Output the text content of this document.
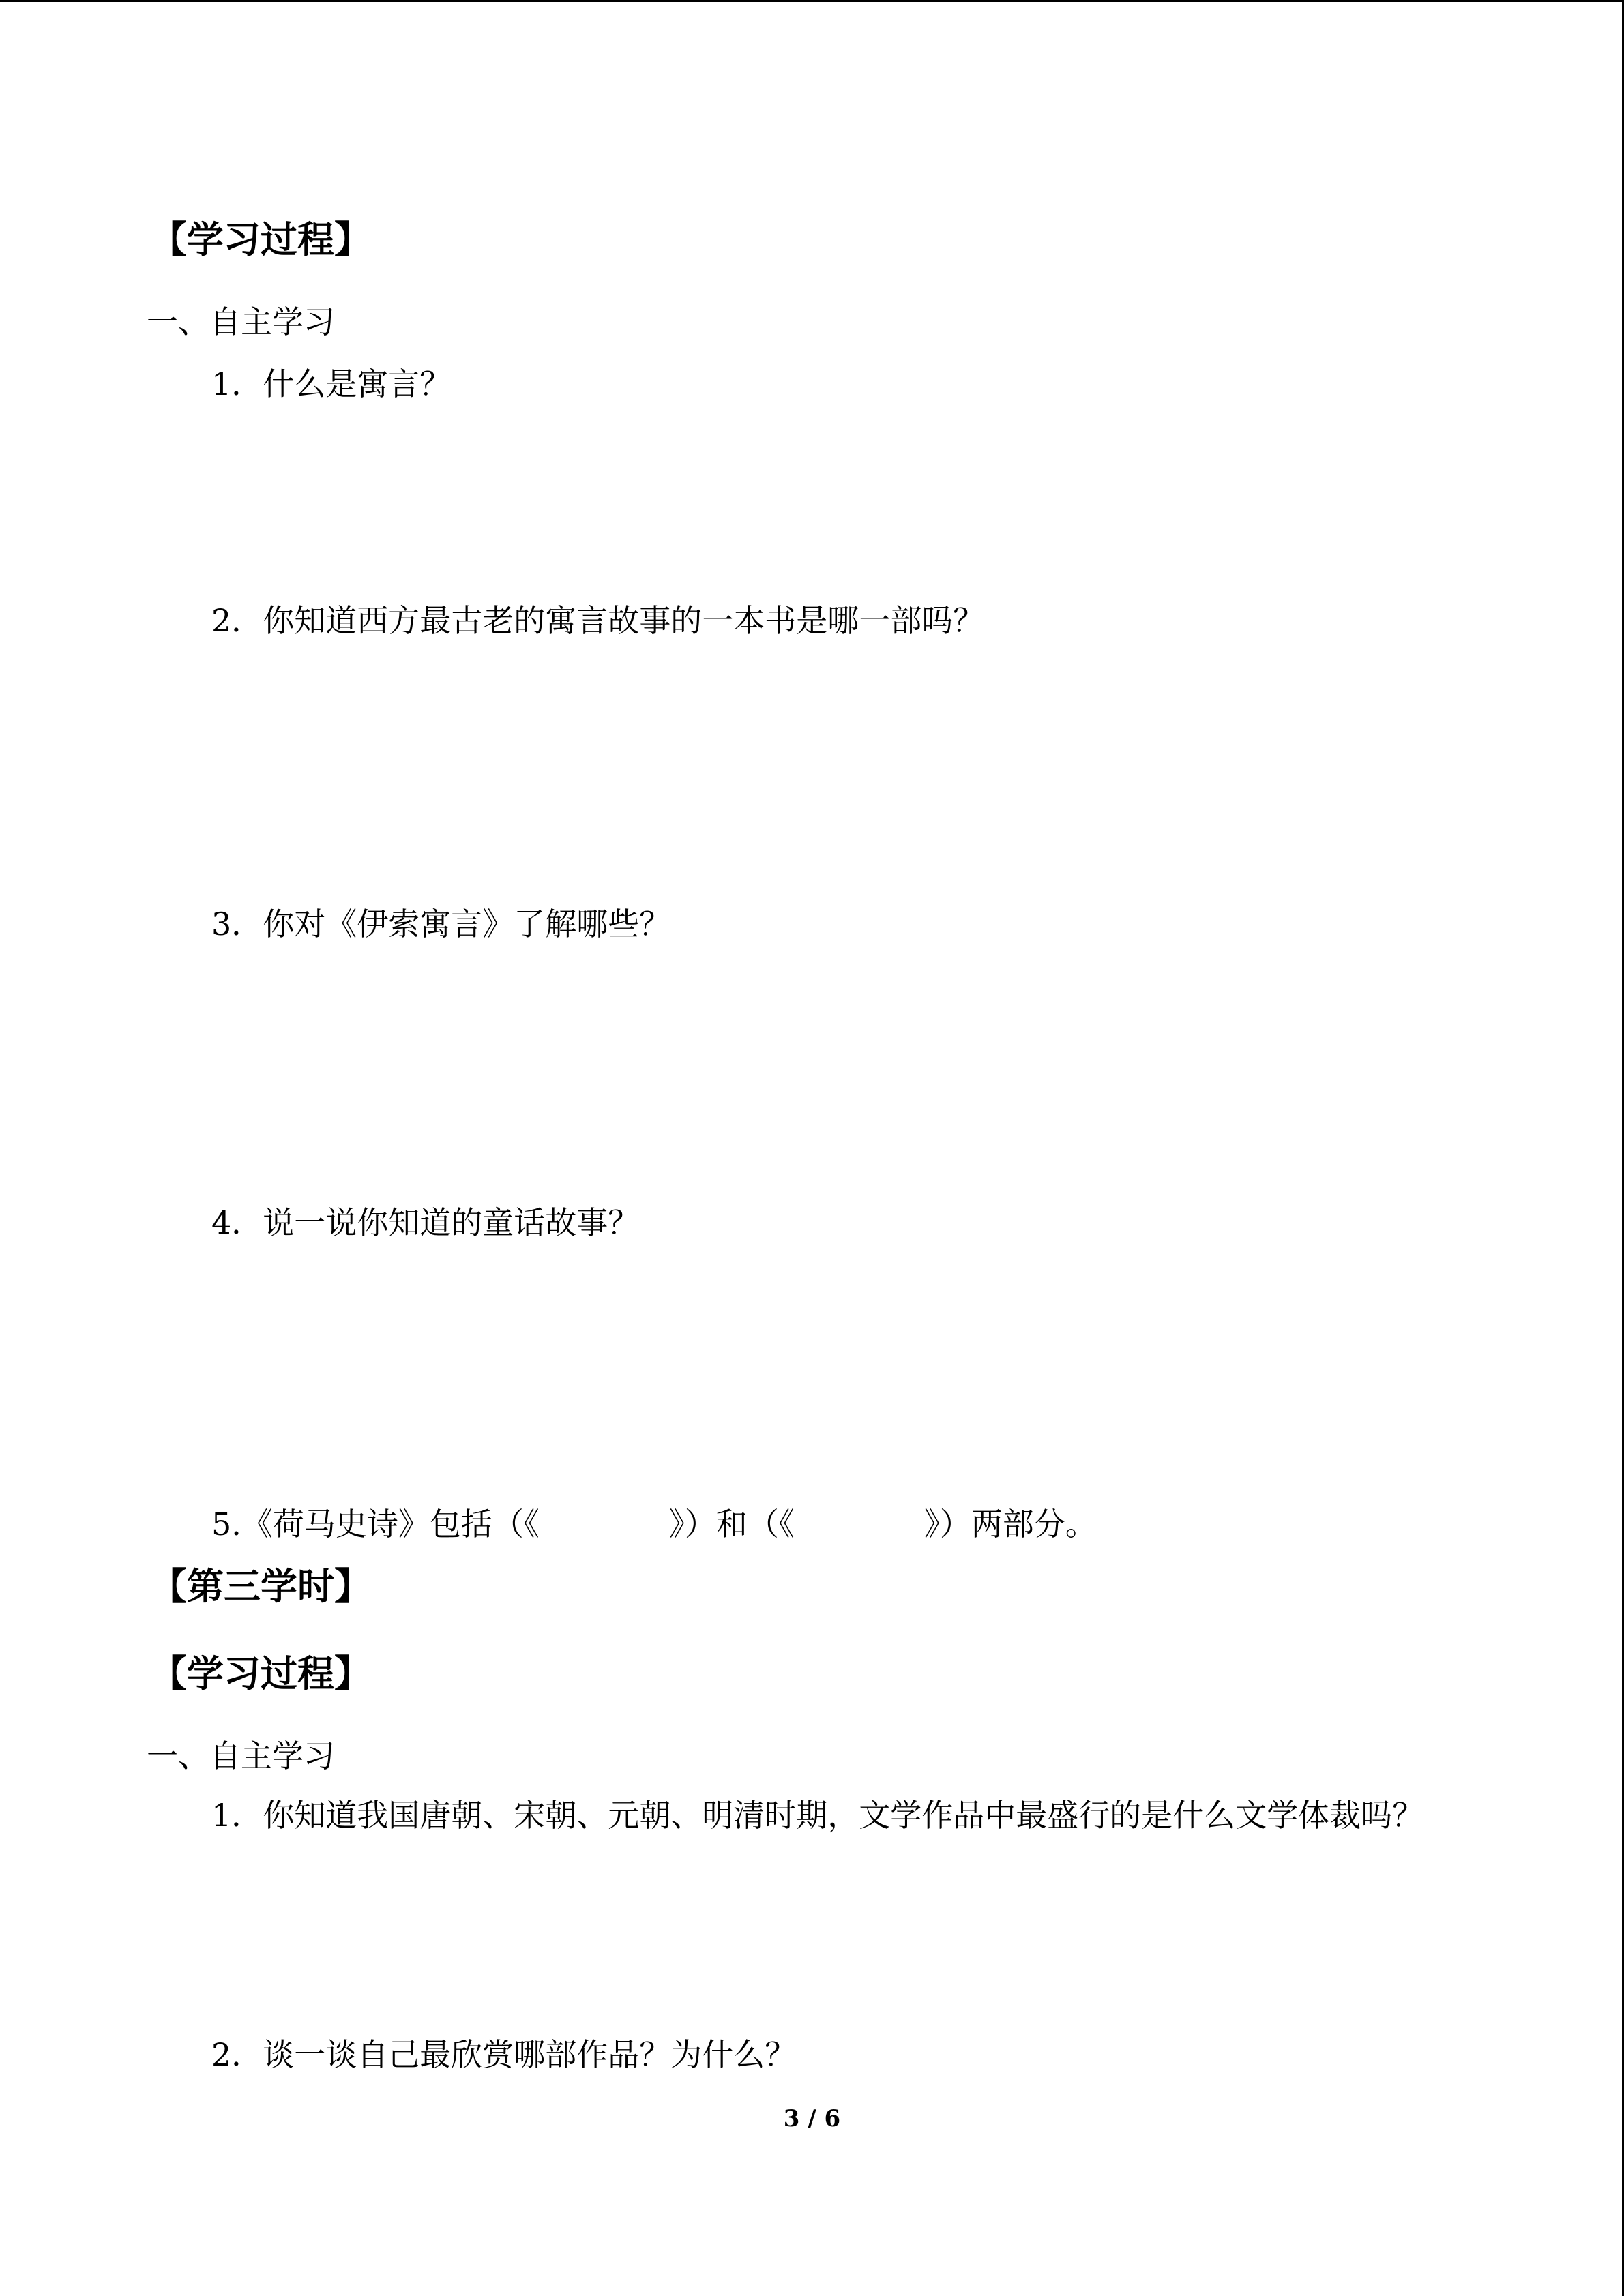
【学习过程】
一、自主学习
1．什么是寓言？
2．你知道西方最古老的寓言故事的一本书是哪一部吗？
3．你对《伊索寓言》了解哪些？
4．说一说你知道的童话故事？
5.《荷马史诗》包括（《	》）和（《	》）两部分。
【第三学时】
【学习过程】
一、自主学习
1．你知道我国唐朝、宋朝、元朝、明清时期，文学作品中最盛行的是什么文学体裁吗？
2．谈一谈自己最欣赏哪部作品？为什么？
3 / 6
